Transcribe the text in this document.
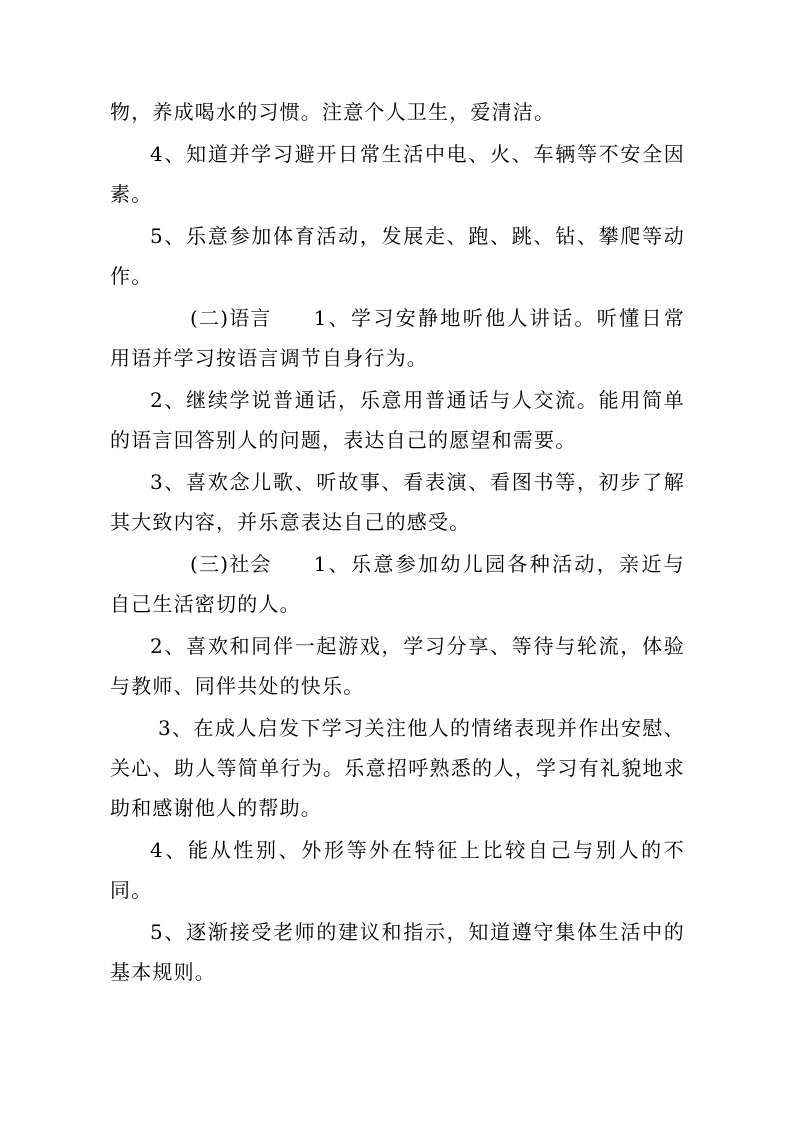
物，养成喝水的习惯。注意个人卫生，爱清洁。

4、知道并学习避开日常生活中电、火、车辆等不安全因素。

5、乐意参加体育活动，发展走、跑、跳、钻、攀爬等动作。

(二)语言 1、学习安静地听他人讲话。听懂日常用语并学习按语言调节自身行为。

2、继续学说普通话，乐意用普通话与人交流。能用简单的语言回答别人的问题，表达自己的愿望和需要。

3、喜欢念儿歌、听故事、看表演、看图书等，初步了解其大致内容，并乐意表达自己的感受。

(三)社会 1、乐意参加幼儿园各种活动，亲近与自己生活密切的人。

2、喜欢和同伴一起游戏，学习分享、等待与轮流，体验与教师、同伴共处的快乐。

3、在成人启发下学习关注他人的情绪表现并作出安慰、关心、助人等简单行为。乐意招呼熟悉的人，学习有礼貌地求助和感谢他人的帮助。

4、能从性别、外形等外在特征上比较自己与别人的不同。

5、逐渐接受老师的建议和指示，知道遵守集体生活中的基本规则。
